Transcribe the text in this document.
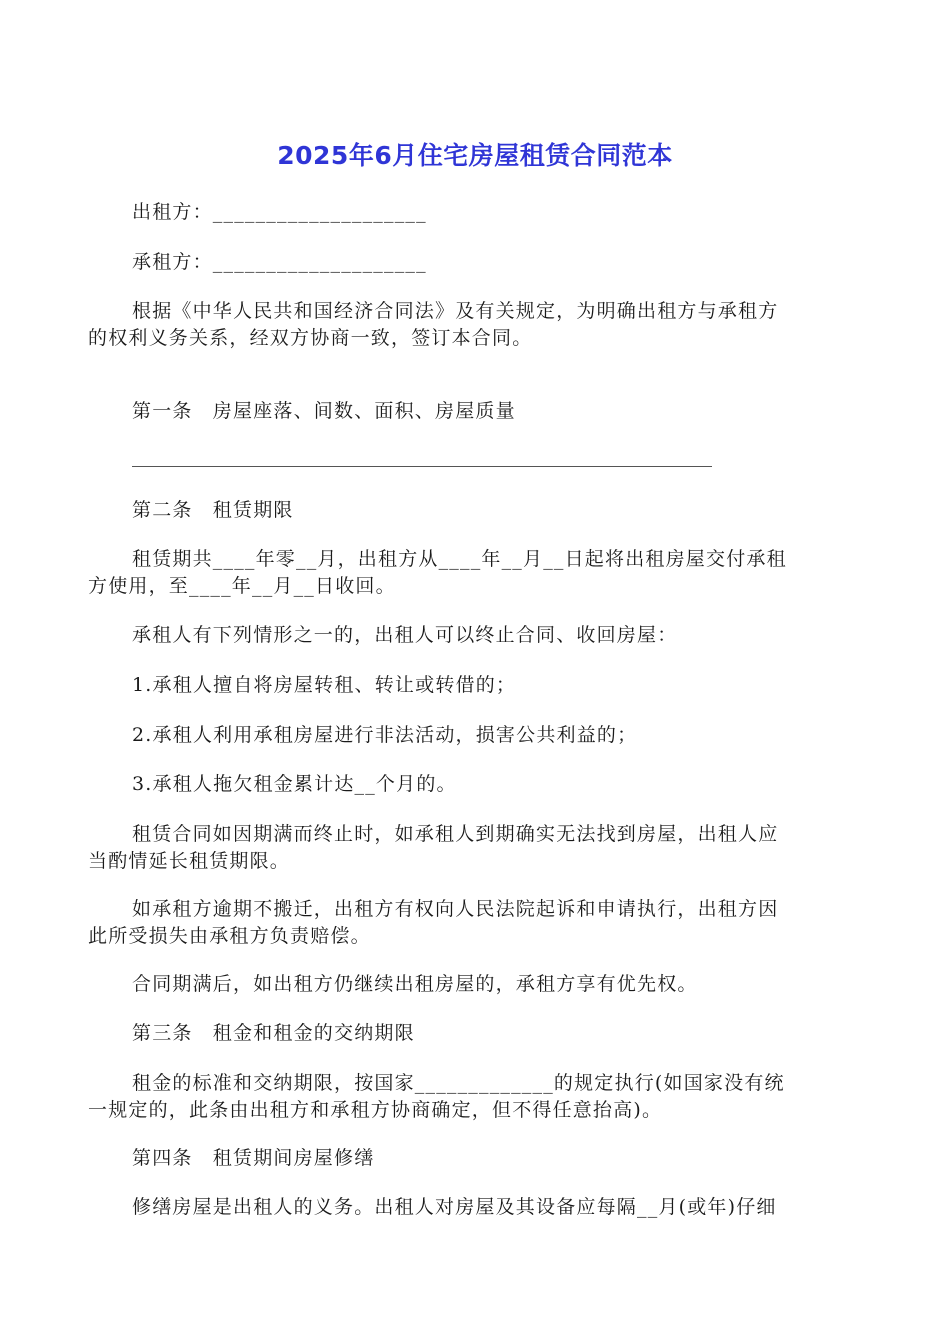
2025年6月住宅房屋租赁合同范本
出租方：____________________
承租方：____________________
根据《中华人民共和国经济合同法》及有关规定，为明确出租方与承租方
的权利义务关系，经双方协商一致，签订本合同。
第一条　房屋座落、间数、面积、房屋质量
第二条　租赁期限
租赁期共____年零__月，出租方从____年__月__日起将出租房屋交付承租
方使用，至____年__月__日收回。
承租人有下列情形之一的，出租人可以终止合同、收回房屋：
1.承租人擅自将房屋转租、转让或转借的；
2.承租人利用承租房屋进行非法活动，损害公共利益的；
3.承租人拖欠租金累计达__个月的。
租赁合同如因期满而终止时，如承租人到期确实无法找到房屋，出租人应
当酌情延长租赁期限。
如承租方逾期不搬迁，出租方有权向人民法院起诉和申请执行，出租方因
此所受损失由承租方负责赔偿。
合同期满后，如出租方仍继续出租房屋的，承租方享有优先权。
第三条　租金和租金的交纳期限
租金的标准和交纳期限，按国家_____________的规定执行(如国家没有统
一规定的，此条由出租方和承租方协商确定，但不得任意抬高)。
第四条　租赁期间房屋修缮
修缮房屋是出租人的义务。出租人对房屋及其设备应每隔__月(或年)仔细
